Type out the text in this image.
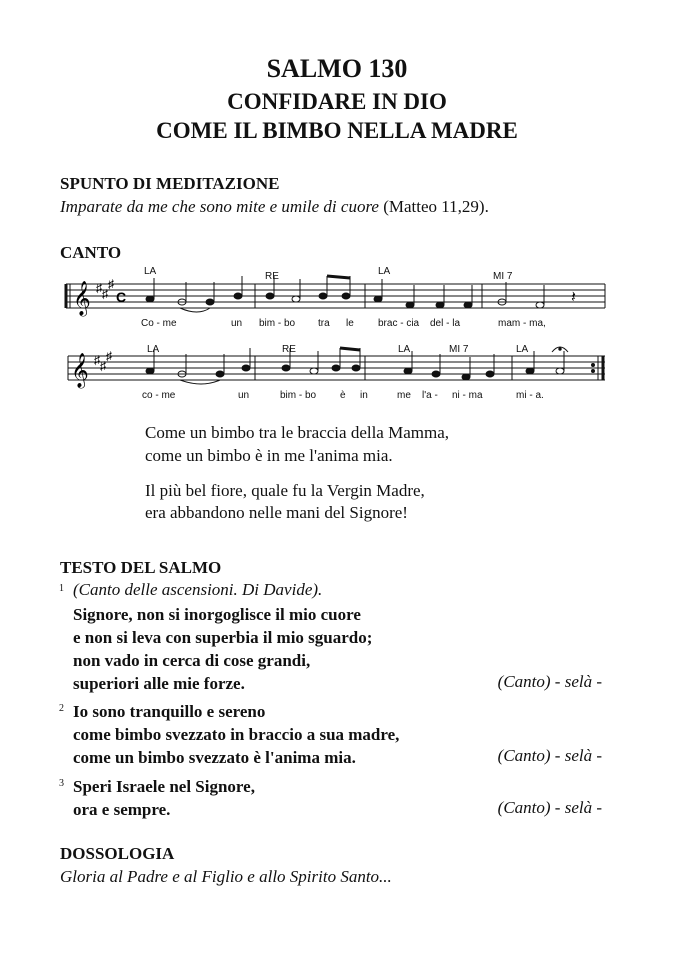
SALMO 130
CONFIDARE IN DIO
COME IL BIMBO NELLA MADRE
SPUNTO DI MEDITAZIONE
Imparate da me che sono mite e umile di cuore (Matteo 11,29).
CANTO
𝄞 ♯ ♯
♯
C	𝄽
LA	RE	LA	MI 7
Co - me	un bim - bo tra le brac - cia del - la	mam - ma,
𝄞 ♯ ♯
♯	LA	RE	LA	MI 7	LA
co - me	un	bim - bo è in	me l'a - ni - ma	mi - a.
Come un bimbo tra le braccia della Mamma,
come un bimbo è in me l'anima mia.
Il più bel fiore, quale fu la Vergin Madre,
era abbandono nelle mani del Signore!
TESTO DEL SALMO
1 (Canto delle ascensioni. Di Davide).
Signore, non si inorgoglisce il mio cuore
e non si leva con superbia il mio sguardo;
non vado in cerca di cose grandi,
superiori alle mie forze.	(Canto) - selà -
2 Io sono tranquillo e sereno
come bimbo svezzato in braccio a sua madre,
come un bimbo svezzato è l'anima mia.	(Canto) - selà -
3 Speri Israele nel Signore,
ora e sempre.	(Canto) - selà -
DOSSOLOGIA
Gloria al Padre e al Figlio e allo Spirito Santo...
